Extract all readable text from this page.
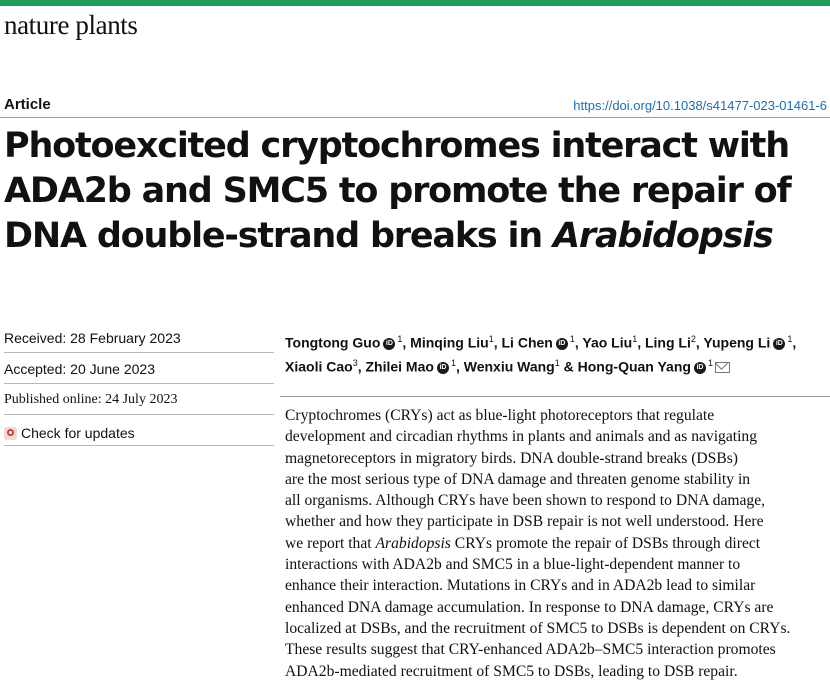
nature plants
Article	https://doi.org/10.1038/s41477-023-01461-6
Photoexcited cryptochromes interact with
ADA2b and SMC5 to promote the repair of
DNA double-strand breaks in Arabidopsis
Received: 28 February 2023
Accepted: 20 June 2023
Published online: 24 July 2023
Check for updates
Tongtong Guo iD $^1$, Minqing Liu$^1$, Li Chen iD $^1$, Yao Liu$^1$, Ling Li$^2$, Yupeng Li iD $^1$,
Xiaoli Cao$^3$, Zhilei Mao iD $^1$, Wenxiu Wang$^1$ & Hong-Quan Yang iD $^1$
Cryptochromes (CRYs) act as blue-light photoreceptors that regulate
development and circadian rhythms in plants and animals and as navigating
magnetoreceptors in migratory birds. DNA double-strand breaks (DSBs)
are the most serious type of DNA damage and threaten genome stability in
all organisms. Although CRYs have been shown to respond to DNA damage,
whether and how they participate in DSB repair is not well understood. Here
we report that Arabidopsis CRYs promote the repair of DSBs through direct
interactions with ADA2b and SMC5 in a blue-light-dependent manner to
enhance their interaction. Mutations in CRYs and in ADA2b lead to similar
enhanced DNA damage accumulation. In response to DNA damage, CRYs are
localized at DSBs, and the recruitment of SMC5 to DSBs is dependent on CRYs.
These results suggest that CRY-enhanced ADA2b–SMC5 interaction promotes
ADA2b-mediated recruitment of SMC5 to DSBs, leading to DSB repair.
